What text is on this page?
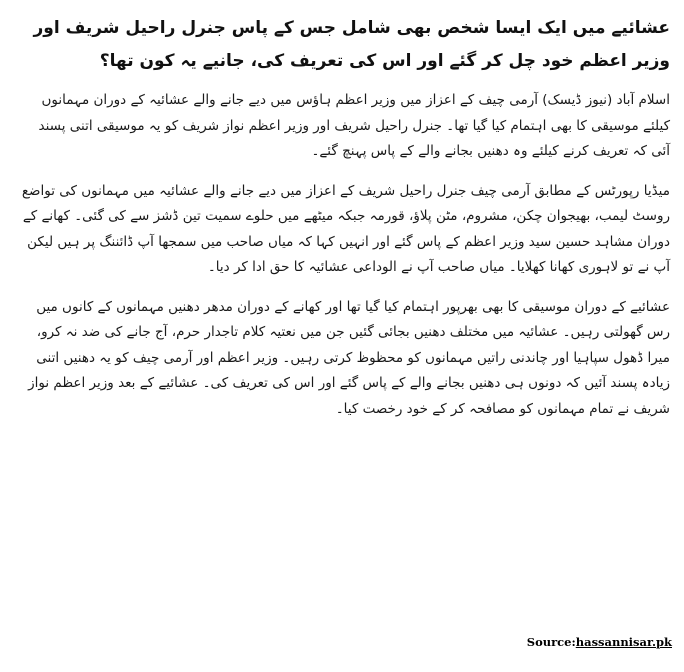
عشائیے میں ایک ایسا شخص بھی شامل جس کے پاس جنرل راحیل شریف اور وزیر اعظم خود چل کر گئے اور اس کی تعریف کی، جانیے یہ کون تھا؟

اسلام آباد (نیوز ڈیسک) آرمی چیف کے اعزاز میں وزیر اعظم ہاؤس میں دیے جانے والے عشائیہ کے دوران مہمانوں کیلئے موسیقی کا بھی اہتمام کیا گیا تھا۔ جنرل راحیل شریف اور وزیر اعظم نواز شریف کو یہ موسیقی اتنی پسند آئی کہ تعریف کرنے کیلئے وہ دھنیں بجانے والے کے پاس پہنچ گئے۔

میڈیا رپورٹس کے مطابق آرمی چیف جنرل راحیل شریف کے اعزاز میں دیے جانے والے عشائیہ میں مہمانوں کی تواضع روسٹ لیمب، بھیجوان چکن، مشروم، مٹن پلاؤ، قورمہ جبکہ میٹھے میں حلوے سمیت تین ڈشز سے کی گئی۔ کھانے کے دوران مشاہد حسین سید وزیر اعظم کے پاس گئے اور انہیں کہا کہ میاں صاحب میں سمجھا آپ ڈائننگ پر ہیں لیکن آپ نے تو لاہوری کھانا کھلایا۔ میاں صاحب آپ نے الوداعی عشائیہ کا حق ادا کر دیا۔

عشائیے کے دوران موسیقی کا بھی بھرپور اہتمام کیا گیا تھا اور کھانے کے دوران مدھر دھنیں مہمانوں کے کانوں میں رس گھولتی رہیں۔ عشائیہ میں مختلف دھنیں بجائی گئیں جن میں نعتیہ کلام تاجدار حرم، آج جانے کی ضد نہ کرو، میرا ڈھول سپاہیا اور چاندنی راتیں مہمانوں کو محظوظ کرتی رہیں۔ وزیر اعظم اور آرمی چیف کو یہ دھنیں اتنی زیادہ پسند آئیں کہ دونوں ہی دھنیں بجانے والے کے پاس گئے اور اس کی تعریف کی۔ عشائیے کے بعد وزیر اعظم نواز شریف نے تمام مہمانوں کو مصافحہ کر کے خود رخصت کیا۔

Source:hassannisar.pk
